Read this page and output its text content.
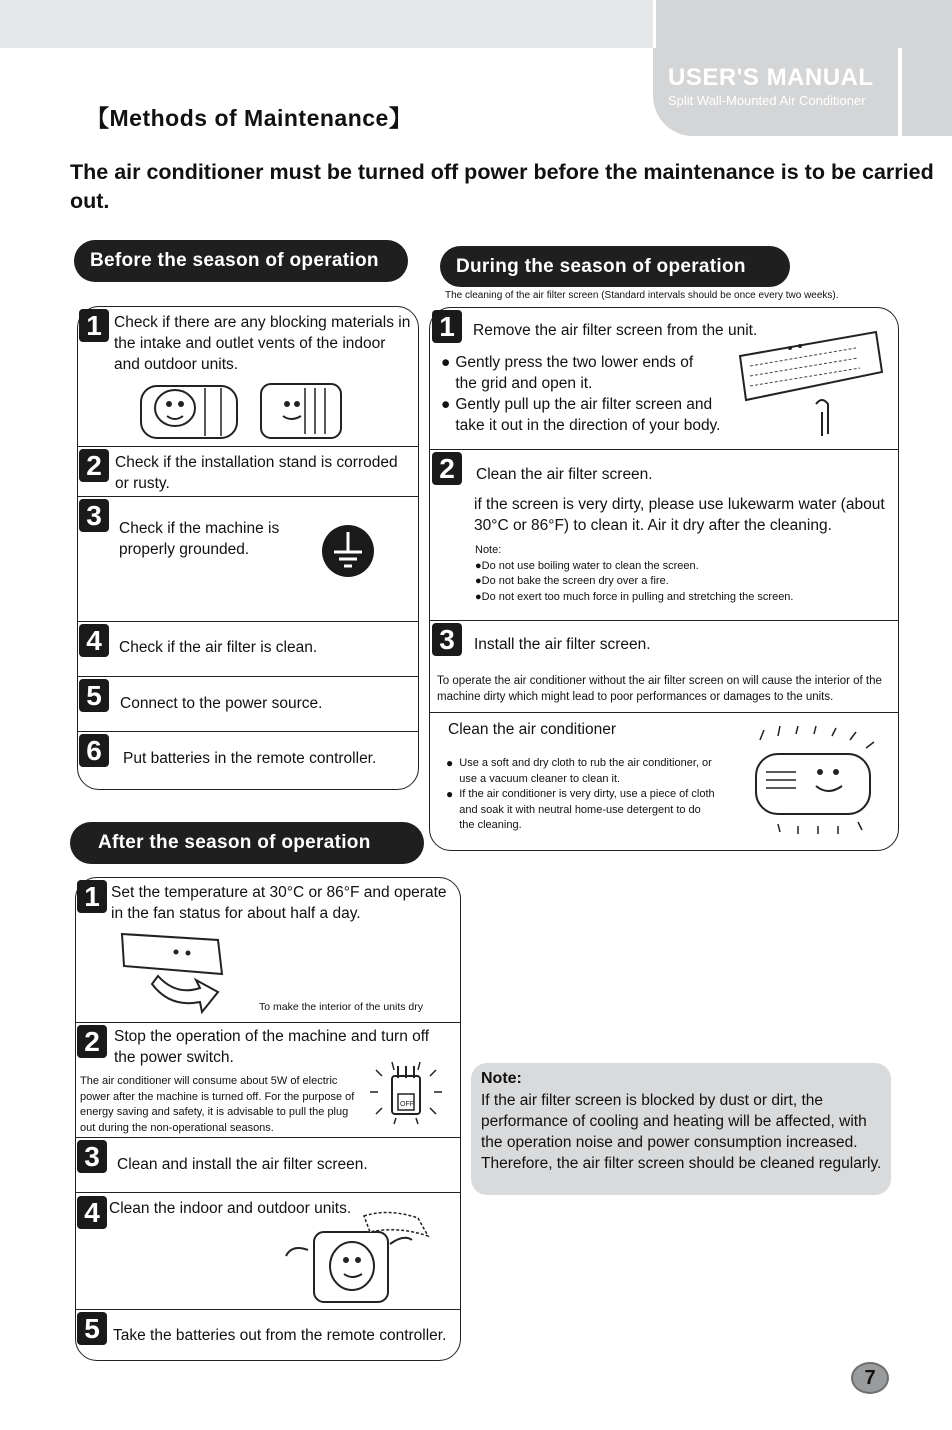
USER'S MANUAL
Split Wall-Mounted Air Conditioner
【Methods of Maintenance】
The air conditioner must be turned off power before the maintenance is to be carried out.
Before the season of operation
1 Check if there are any blocking materials in the intake and outlet vents of the indoor and outdoor units.
2 Check if the installation stand is corroded or rusty.
3	Check if the machine is properly grounded.
4	Check if the air filter is clean.
5	Connect to the power source.
6	Put batteries in the remote controller.
During the season of operation
The cleaning of the air filter screen (Standard intervals should be once every two weeks).
1	Remove the air filter screen from the unit.
● Gently press the two lower ends of the grid and open it.
● Gently pull up the air filter screen and take it out in the direction of your body.
2	Clean the air filter screen.
if the screen is very dirty, please use lukewarm water (about 30°C or 86°F) to clean it. Air it dry after the cleaning.
Note:
●Do not use boiling water to clean the screen.
●Do not bake the screen dry over a fire.
●Do not exert too much force in pulling and stretching the screen.
3	Install the air filter screen.
To operate the air conditioner without the air filter screen on will cause the interior of the machine dirty which might lead to poor performances or damages to the units.
Clean the air conditioner
● Use a soft and dry cloth to rub the air conditioner, or use a vacuum cleaner to clean it.
● If the air conditioner is very dirty, use a piece of cloth and soak it with neutral home-use detergent to do the cleaning.
After the season of operation
1 Set the temperature at 30°C or 86°F and operate in the fan status for about half a day.
To make the interior of the units dry
2 Stop the operation of the machine and turn off the power switch.
The air conditioner will consume about 5W of electric power after the machine is turned off. For the purpose of energy saving and safety, it is advisable to pull the plug out during the non-operational seasons.
OFF
3	Clean and install the air filter screen.
4 Clean the indoor and outdoor units.
5 Take the batteries out from the remote controller.
Note:
If the air filter screen is blocked by dust or dirt, the performance of cooling and heating will be affected, with the operation noise and power consumption increased. Therefore, the air filter screen should be cleaned regularly.
7
